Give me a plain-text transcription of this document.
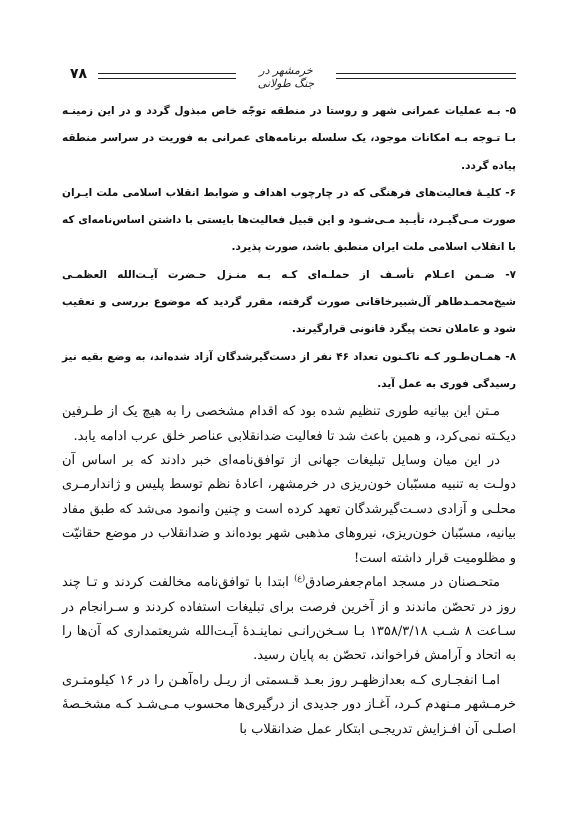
۷۸	خرمشهر در جنگ طولانی

۵- بـه عملیات عمرانی شهر و روستا در منطقه توجّه خاص مبذول گردد و در این زمینـه بـا تـوجه بـه امکانات موجود، یک سلسله برنامه‌های عمرانی به فوریت در سراسر منطقه پیاده گردد.

۶- کلیـهٔ فعالیت‌های فرهنگی که در چارچوب اهداف و ضوابط انقلاب اسلامی ملت ایـران صورت مـی‌گیـرد، تأیـید مـی‌شـود و این قبیل فعالیت‌ها بایستی با داشتن اساس‌نامه‌ای که با انقلاب اسلامی ملت ایران منطبق باشد، صورت پذیرد.

۷- ضـمن اعـلام تأسـف از حملـه‌ای کـه بـه منـزل حـضرت آیـت‌الله العظمـی شیخ‌محمـدطاهر آل‌شبیرخاقانی صورت گرفته، مقرر گردید که موضوع بررسی و تعقیب شود و عاملان تحت پیگرد قانونی قرارگیرند.

۸- همـان‌طـور کـه تاکـنون تعداد ۴۶ نفر از دست‌گیرشدگان آزاد شده‌اند، به وضع بقیه نیز رسیدگی فوری به عمل آید.

مـتن این بیانیه طوری تنظیم شده بود که اقدام مشخصی را به هیچ یک از طـرفین دیکـته نمی‌کرد، و همین باعث شد تا فعالیت ضدانقلابی عناصر خلق عرب ادامه یابد.

در این میان وسایل تبلیغات جهانی از توافق‌نامه‌ای خبر دادند که بر اساس آن دولـت به تنبیه مسبّبان خون‌ریزی در خرمشهر، اعادهٔ نظم توسط پلیس و ژاندارمـری محلـی و آزادی دسـت‌گیرشدگان تعهد کرده است و چنین وانمود می‌شد که طبق مفاد بیانیه، مسبّبان خون‌ریزی، نیروهای مذهبی شهر بوده‌اند و ضدانقلاب در موضع حقانیّت و مظلومیت قرار داشته است!

متحـصنان در مسجد امام‌جعفرصادق$^{(ع)}$ ابتدا با توافق‌نامه مخالفت کردند و تـا چند روز در تحصّن ماندند و از آخرین فرصت برای تبلیغات استفاده کردند و سـرانجام در سـاعت ۸ شـب ۱۳۵۸/۳/۱۸ بـا سـخن‌رانـی نماینـدهٔ آیـت‌الله شریعتمداری که آن‌ها را به اتحاد و آرامش فراخواند، تحصّن به پایان رسید.

امـا انفجـاری کـه بعدازظهـر روز بعـد قـسمتی از ریـل راه‌آهـن را در ۱۶ کیلومتـری خرمـشهر مـنهدم کـرد، آغـاز دور جدیدی از درگیری‌ها محسوب مـی‌شـد کـه مشخـصهٔ اصلـی آن افـزایش تدریجـی ابتکار عمل ضدانقلاب با
